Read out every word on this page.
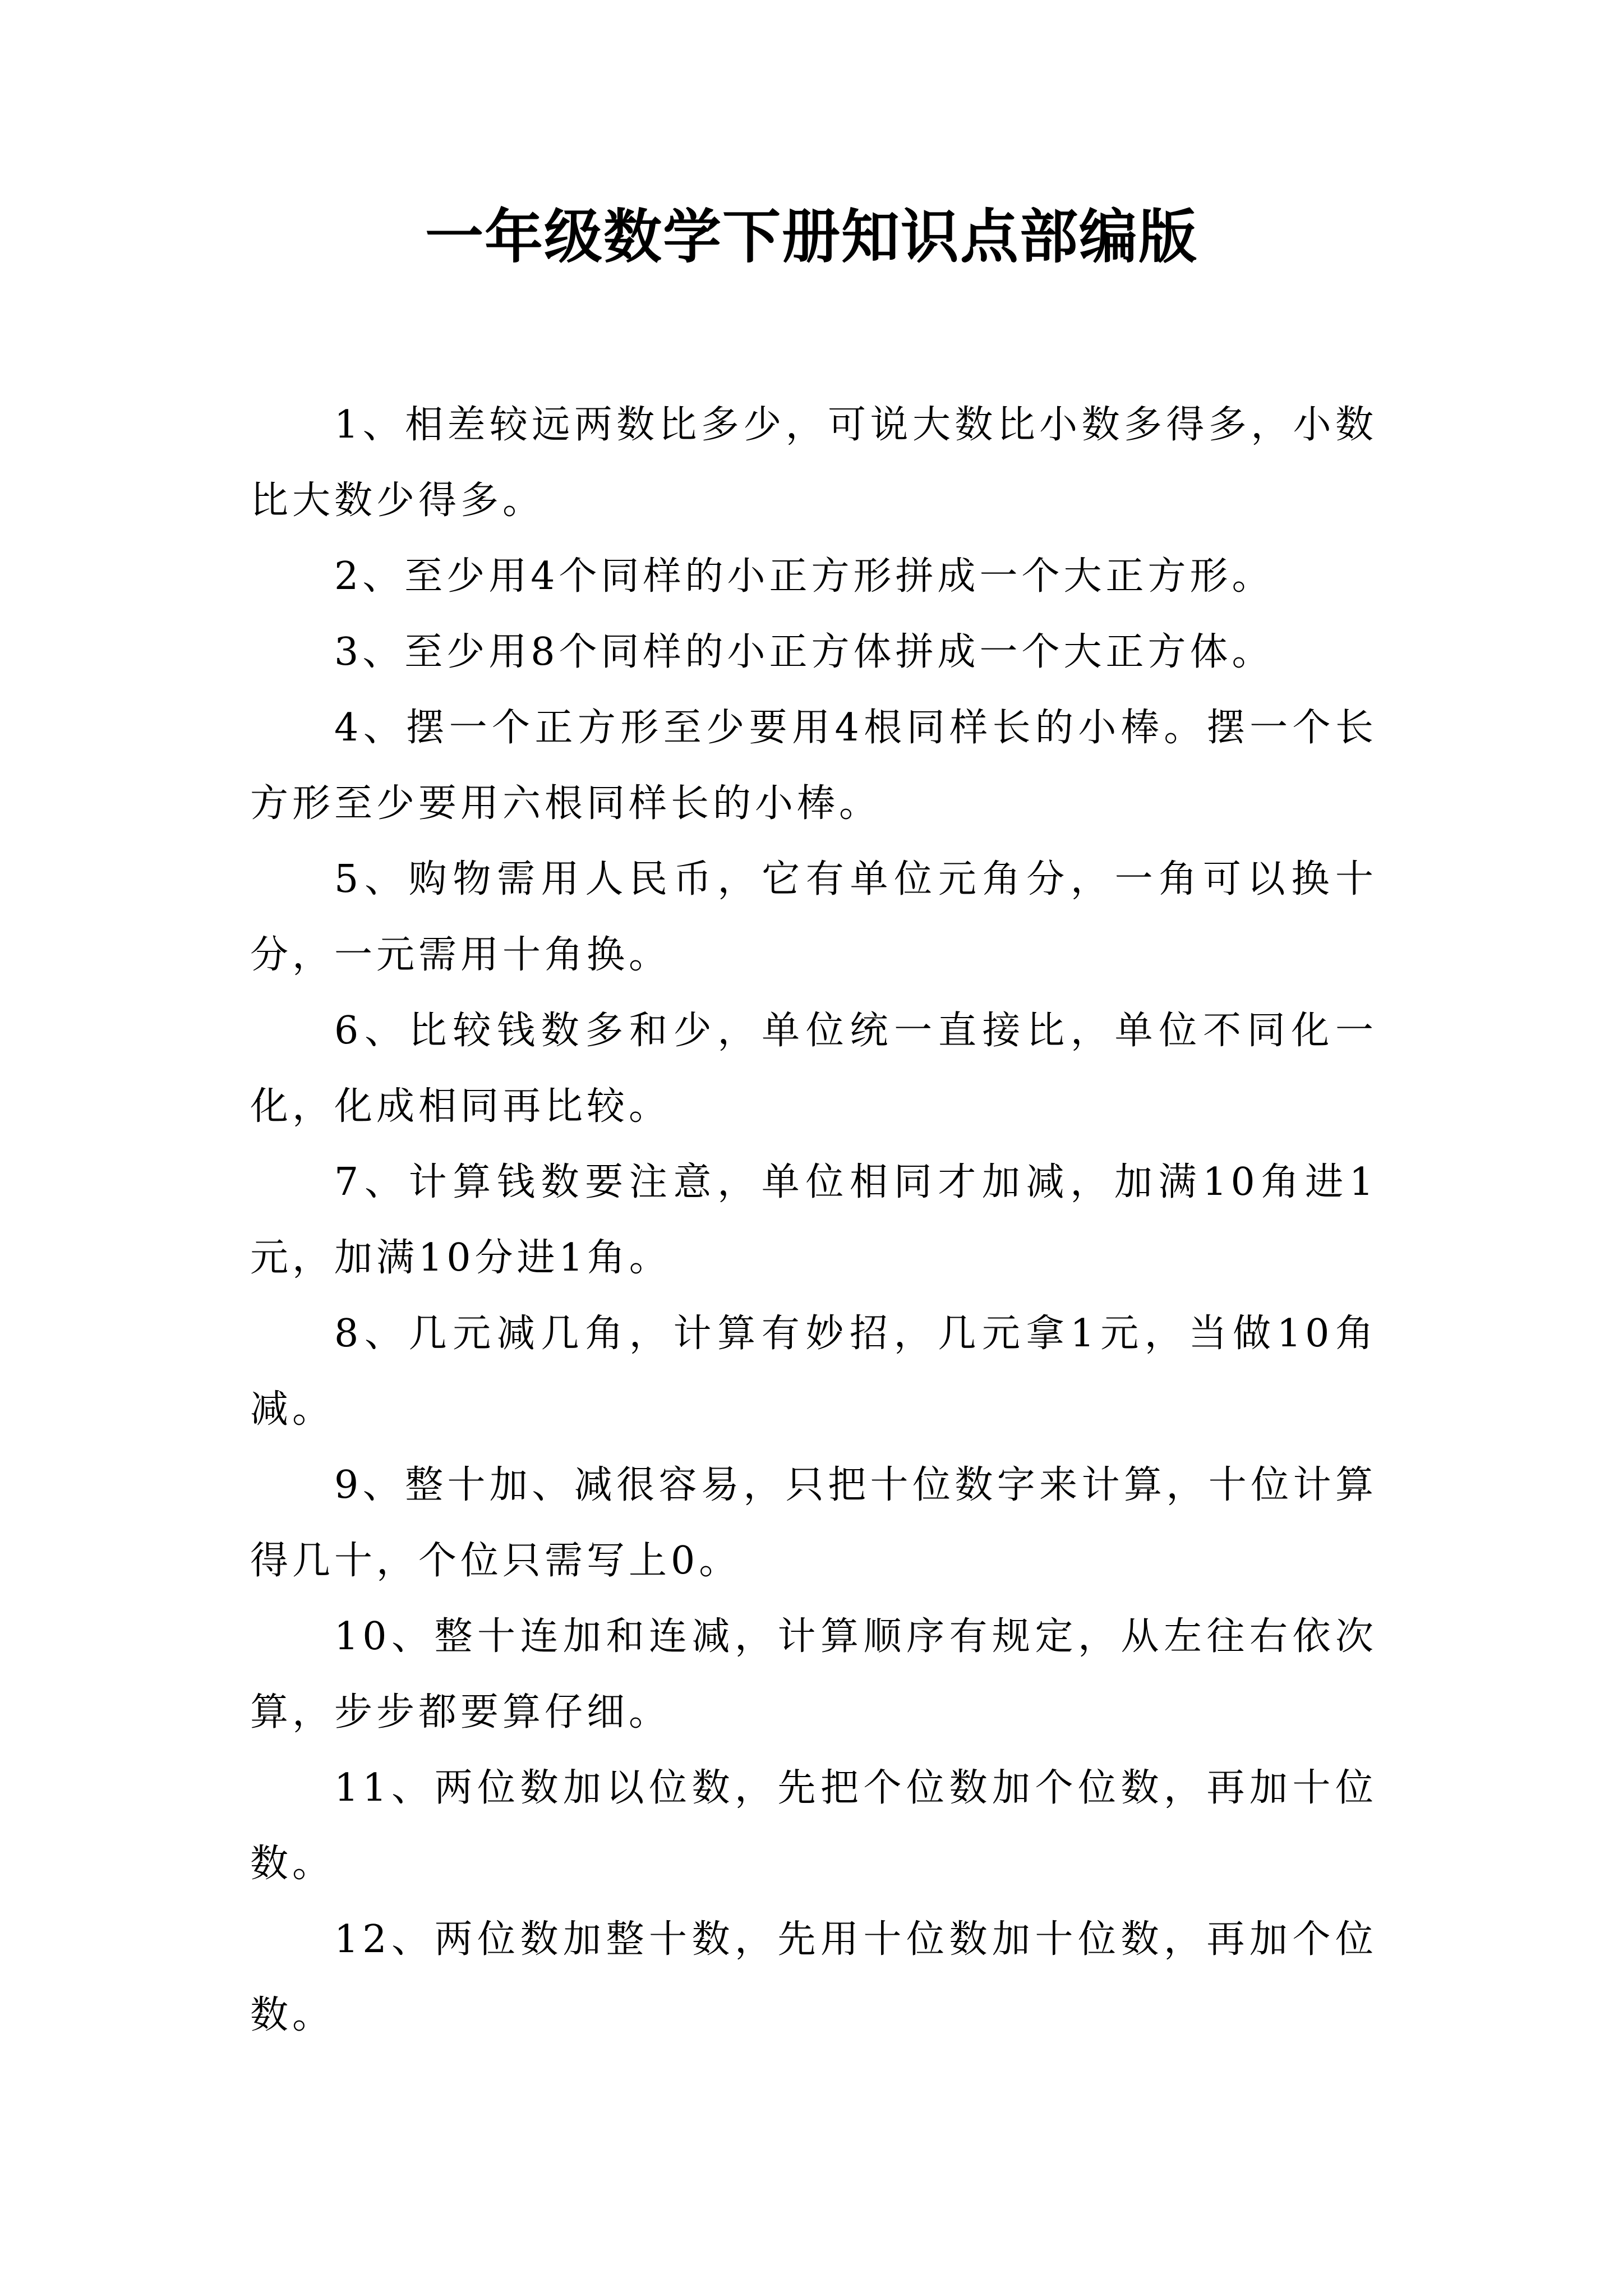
一年级数学下册知识点部编版

1、相差较远两数比多少，可说大数比小数多得多，小数比大数少得多。

2、至少用4个同样的小正方形拼成一个大正方形。

3、至少用8个同样的小正方体拼成一个大正方体。

4、摆一个正方形至少要用4根同样长的小棒。摆一个长方形至少要用六根同样长的小棒。

5、购物需用人民币，它有单位元角分，一角可以换十分，一元需用十角换。

6、比较钱数多和少，单位统一直接比，单位不同化一化，化成相同再比较。

7、计算钱数要注意，单位相同才加减，加满10角进1元，加满10分进1角。

8、几元减几角，计算有妙招，几元拿1元，当做10角减。

9、整十加、减很容易，只把十位数字来计算，十位计算得几十，个位只需写上0。

10、整十连加和连减，计算顺序有规定，从左往右依次算，步步都要算仔细。

11、两位数加以位数，先把个位数加个位数，再加十位数。

12、两位数加整十数，先用十位数加十位数，再加个位数。
